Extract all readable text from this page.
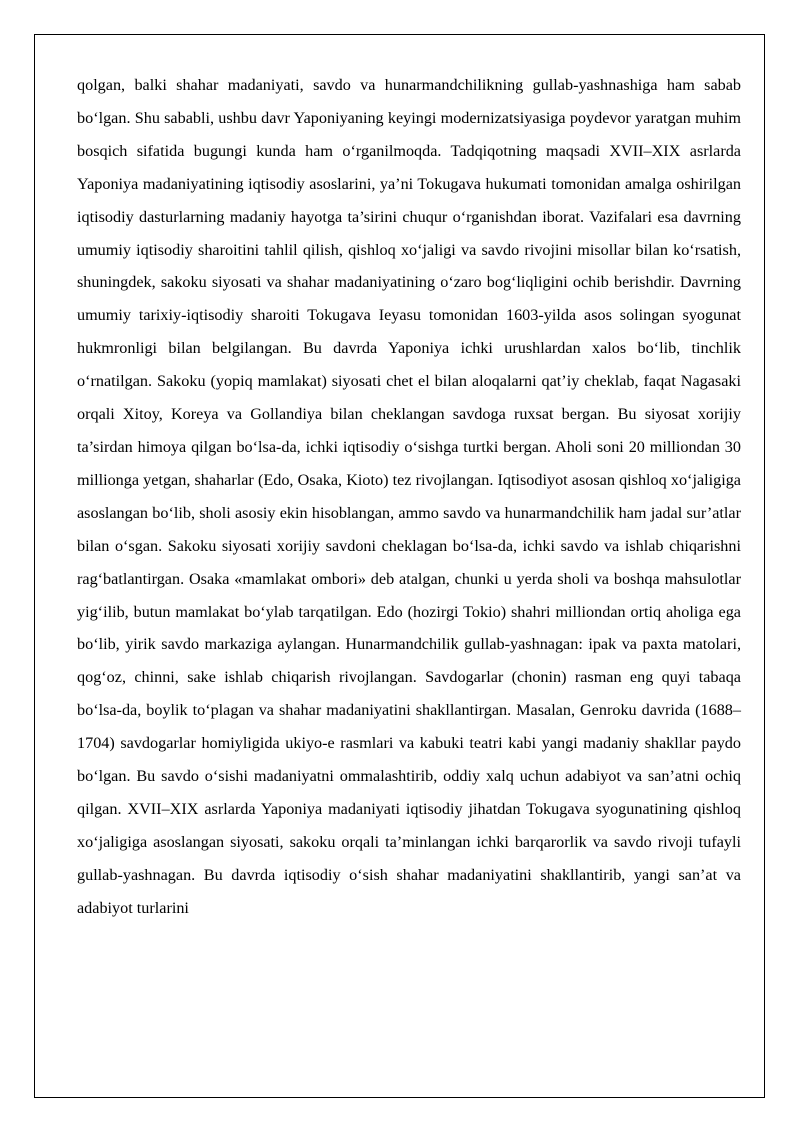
qolgan, balki shahar madaniyati, savdo va hunarmandchilikning gullab-yashnashiga ham sabab bo‘lgan. Shu sababli, ushbu davr Yaponiyaning keyingi modernizatsiyasiga poydevor yaratgan muhim bosqich sifatida bugungi kunda ham o‘rganilmoqda. Tadqiqotning maqsadi XVII–XIX asrlarda Yaponiya madaniyatining iqtisodiy asoslarini, ya’ni Tokugava hukumati tomonidan amalga oshirilgan iqtisodiy dasturlarning madaniy hayotga ta’sirini chuqur o‘rganishdan iborat. Vazifalari esa davrning umumiy iqtisodiy sharoitini tahlil qilish, qishloq xo‘jaligi va savdo rivojini misollar bilan ko‘rsatish, shuningdek, sakoku siyosati va shahar madaniyatining o‘zaro bog‘liqligini ochib berishdir. Davrning umumiy tarixiy-iqtisodiy sharoiti Tokugava Ieyasu tomonidan 1603-yilda asos solingan syogunat hukmronligi bilan belgilangan. Bu davrda Yaponiya ichki urushlardan xalos bo‘lib, tinchlik o‘rnatilgan. Sakoku (yopiq mamlakat) siyosati chet el bilan aloqalarni qat’iy cheklab, faqat Nagasaki orqali Xitoy, Koreya va Gollandiya bilan cheklangan savdoga ruxsat bergan. Bu siyosat xorijiy ta’sirdan himoya qilgan bo‘lsa-da, ichki iqtisodiy o‘sishga turtki bergan. Aholi soni 20 milliondan 30 millionga yetgan, shaharlar (Edo, Osaka, Kioto) tez rivojlangan. Iqtisodiyot asosan qishloq xo‘jaligiga asoslangan bo‘lib, sholi asosiy ekin hisoblangan, ammo savdo va hunarmandchilik ham jadal sur’atlar bilan o‘sgan. Sakoku siyosati xorijiy savdoni cheklagan bo‘lsa-da, ichki savdo va ishlab chiqarishni rag‘batlantirgan. Osaka «mamlakat ombori» deb atalgan, chunki u yerda sholi va boshqa mahsulotlar yig‘ilib, butun mamlakat bo‘ylab tarqatilgan. Edo (hozirgi Tokio) shahri milliondan ortiq aholiga ega bo‘lib, yirik savdo markaziga aylangan. Hunarmandchilik gullab-yashnagan: ipak va paxta matolari, qog‘oz, chinni, sake ishlab chiqarish rivojlangan. Savdogarlar (chonin) rasman eng quyi tabaqa bo‘lsa-da, boylik to‘plagan va shahar madaniyatini shakllantirgan. Masalan, Genroku davrida (1688–1704) savdogarlar homiyligida ukiyo-e rasmlari va kabuki teatri kabi yangi madaniy shakllar paydo bo‘lgan. Bu savdo o‘sishi madaniyatni ommalashtirib, oddiy xalq uchun adabiyot va san’atni ochiq qilgan. XVII–XIX asrlarda Yaponiya madaniyati iqtisodiy jihatdan Tokugava syogunatining qishloq xo‘jaligiga asoslangan siyosati, sakoku orqali ta’minlangan ichki barqarorlik va savdo rivoji tufayli gullab-yashnagan. Bu davrda iqtisodiy o‘sish shahar madaniyatini shakllantirib, yangi san’at va adabiyot turlarini
